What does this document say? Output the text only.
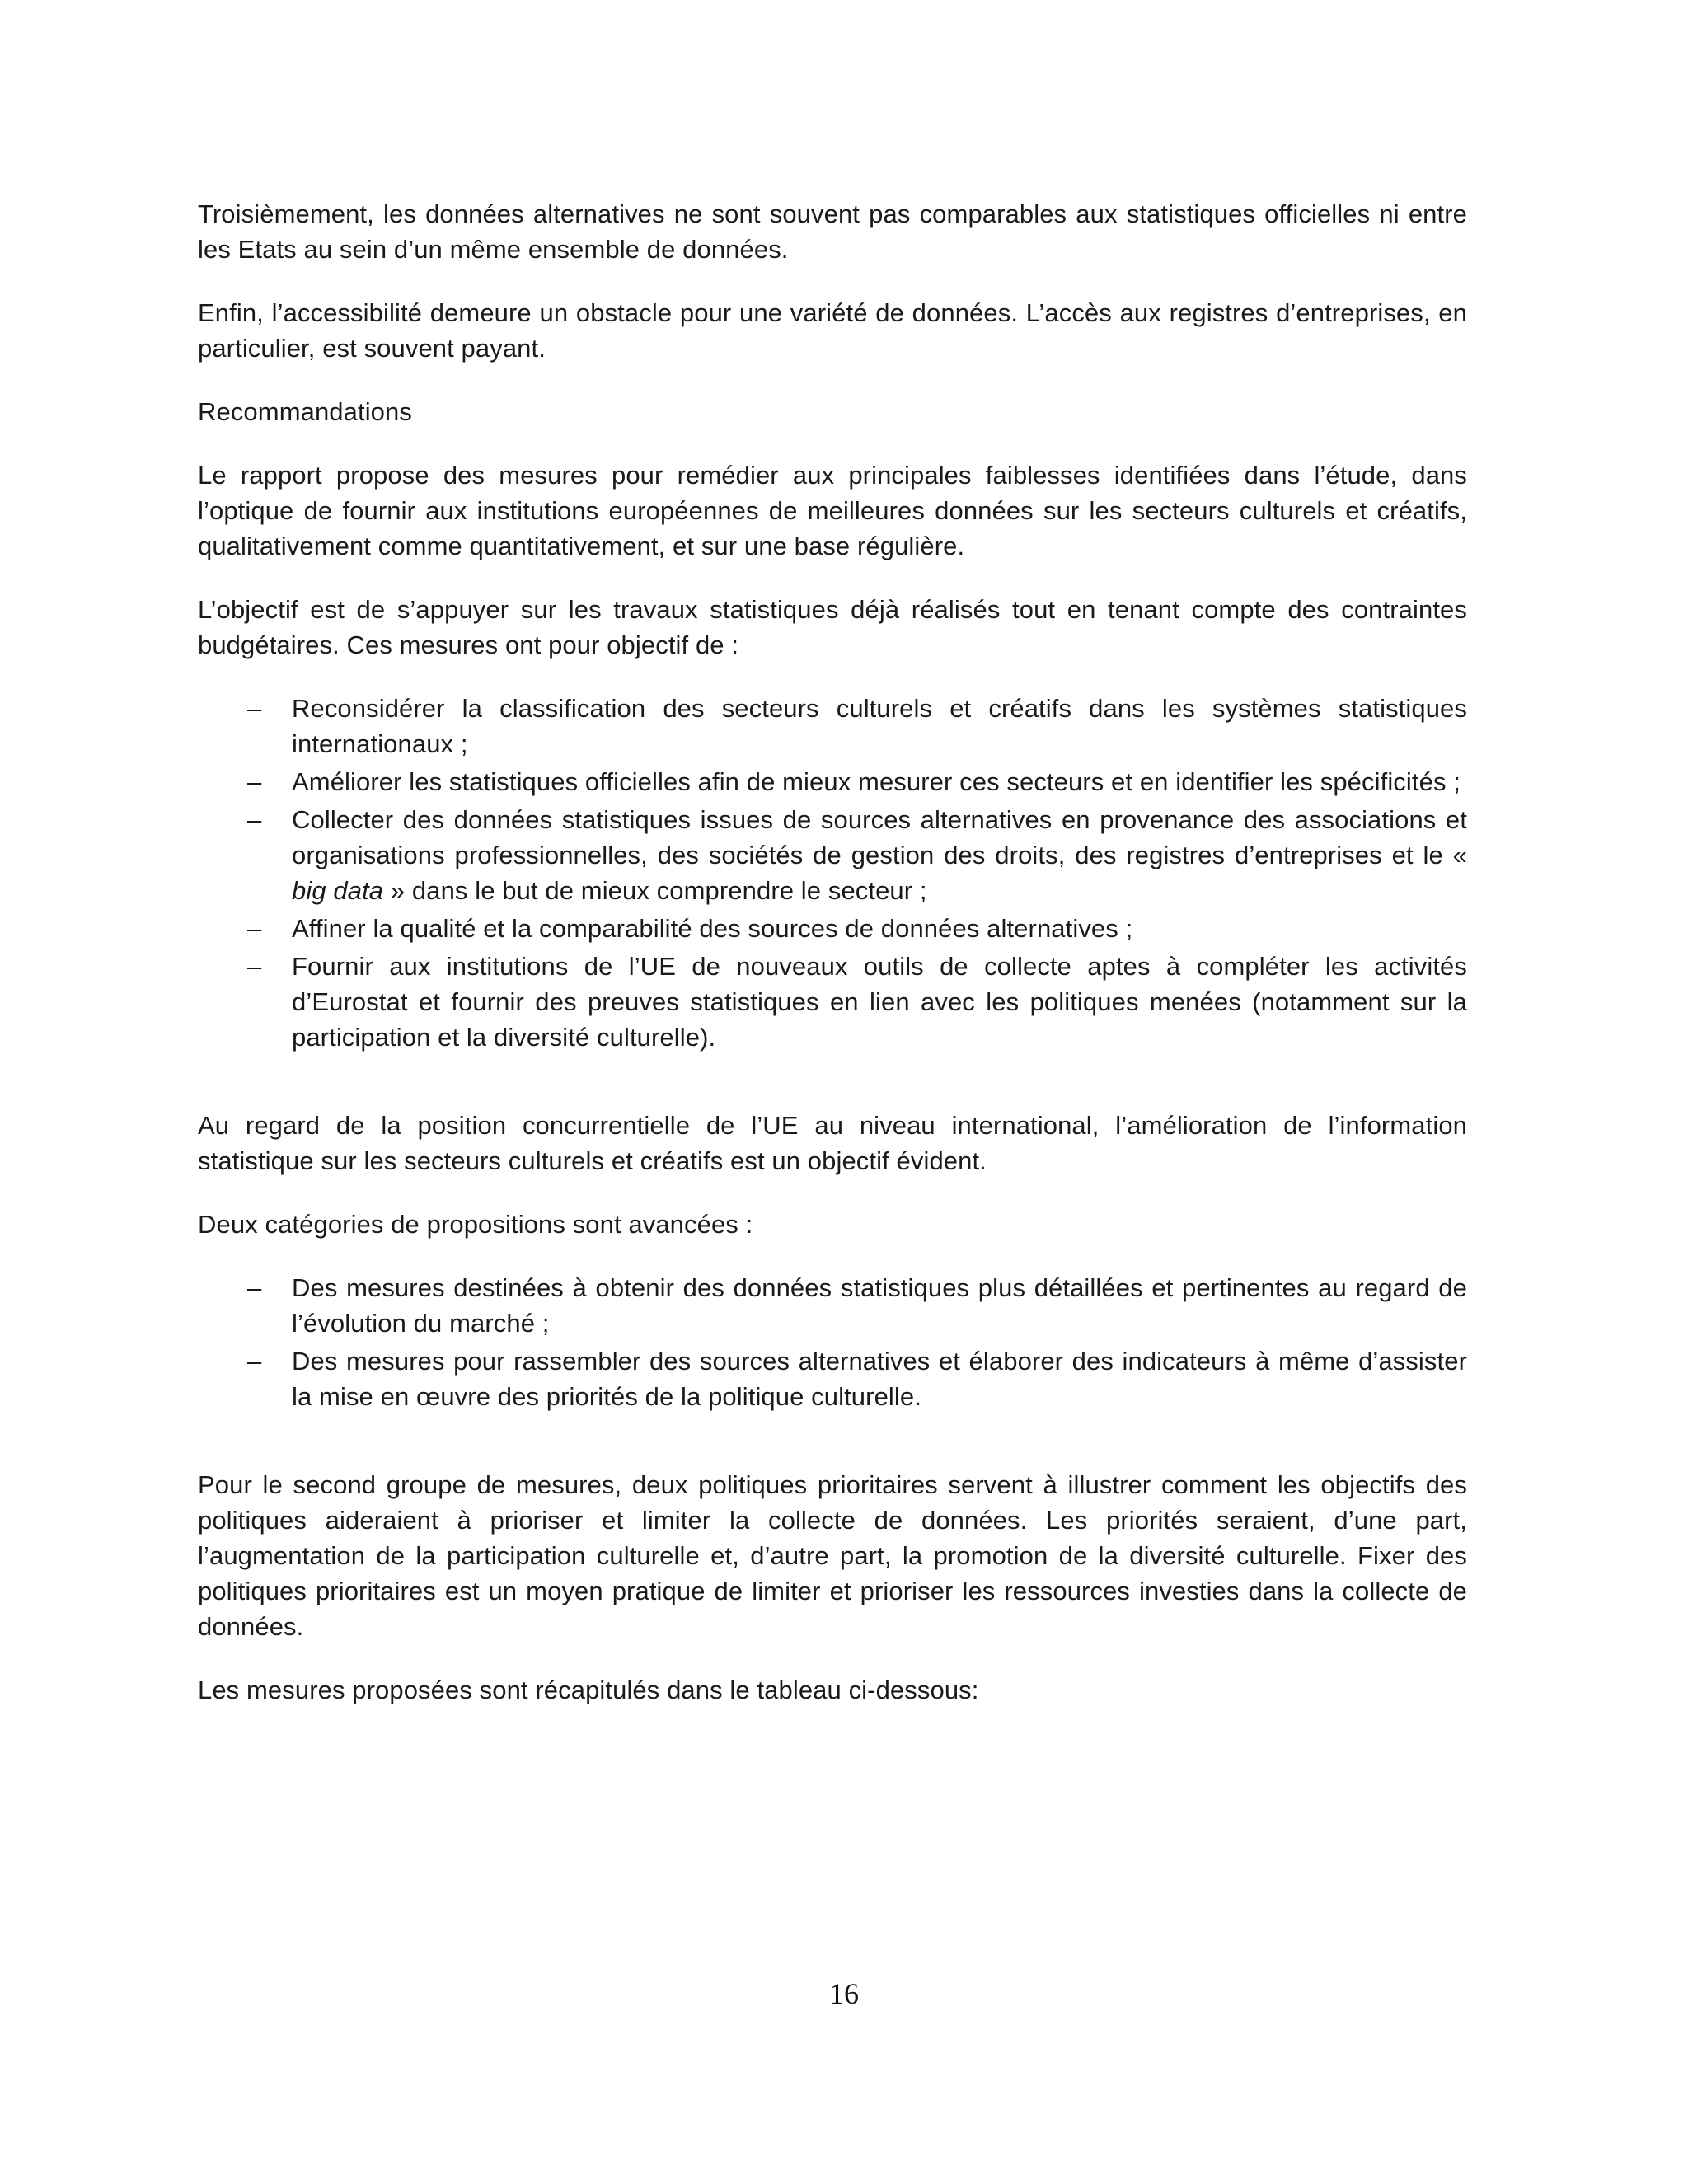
Troisièmement, les données alternatives ne sont souvent pas comparables aux statistiques officielles ni entre les Etats au sein d’un même ensemble de données.

Enfin, l’accessibilité demeure un obstacle pour une variété de données. L’accès aux registres d’entreprises, en particulier, est souvent payant.

Recommandations

Le rapport propose des mesures pour remédier aux principales faiblesses identifiées dans l’étude, dans l’optique de fournir aux institutions européennes de meilleures données sur les secteurs culturels et créatifs, qualitativement comme quantitativement, et sur une base régulière.

L’objectif est de s’appuyer sur les travaux statistiques déjà réalisés tout en tenant compte des contraintes budgétaires. Ces mesures ont pour objectif de :

– Reconsidérer la classification des secteurs culturels et créatifs dans les systèmes statistiques internationaux ;
– Améliorer les statistiques officielles afin de mieux mesurer ces secteurs et en identifier les spécificités ;
– Collecter des données statistiques issues de sources alternatives en provenance des associations et organisations professionnelles, des sociétés de gestion des droits, des registres d’entreprises et le « big data » dans le but de mieux comprendre le secteur ;
– Affiner la qualité et la comparabilité des sources de données alternatives ;
– Fournir aux institutions de l’UE de nouveaux outils de collecte aptes à compléter les activités d’Eurostat et fournir des preuves statistiques en lien avec les politiques menées (notamment sur la participation et la diversité culturelle).

Au regard de la position concurrentielle de l’UE au niveau international, l’amélioration de l’information statistique sur les secteurs culturels et créatifs est un objectif évident.

Deux catégories de propositions sont avancées :

– Des mesures destinées à obtenir des données statistiques plus détaillées et pertinentes au regard de l’évolution du marché ;
– Des mesures pour rassembler des sources alternatives et élaborer des indicateurs à même d’assister la mise en œuvre des priorités de la politique culturelle.

Pour le second groupe de mesures, deux politiques prioritaires servent à illustrer comment les objectifs des politiques aideraient à prioriser et limiter la collecte de données. Les priorités seraient, d’une part, l’augmentation de la participation culturelle et, d’autre part, la promotion de la diversité culturelle. Fixer des politiques prioritaires est un moyen pratique de limiter et prioriser les ressources investies dans la collecte de données.

Les mesures proposées sont récapitulés dans le tableau ci-dessous:

16
